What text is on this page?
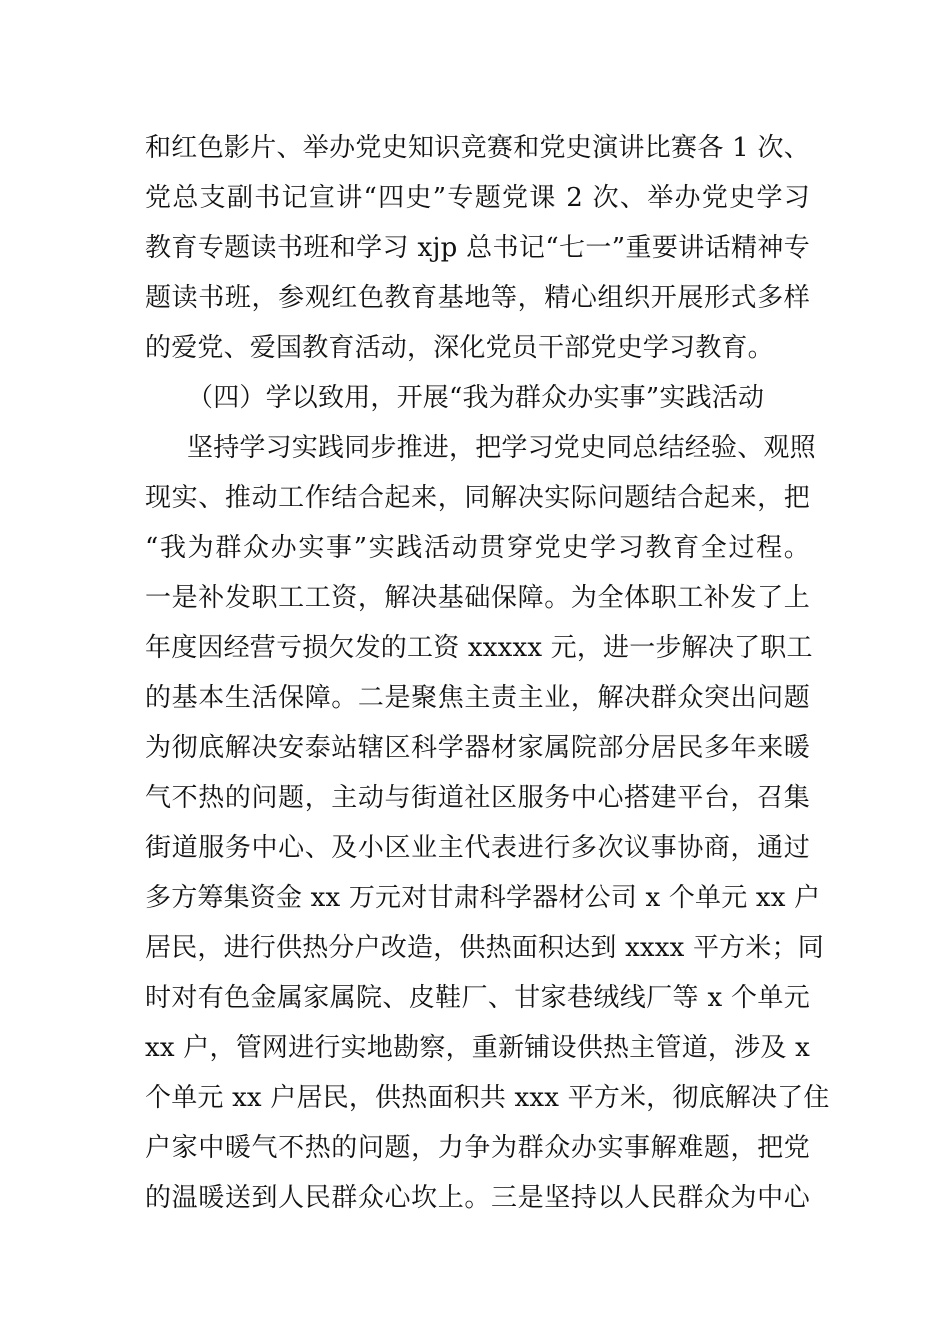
和红色影片、举办党史知识竞赛和党史演讲比赛各 1 次、
党总支副书记宣讲“四史”专题党课 2 次、举办党史学习
教育专题读书班和学习 xjp 总书记“七一”重要讲话精神专
题读书班，参观红色教育基地等，精心组织开展形式多样
的爱党、爱国教育活动，深化党员干部党史学习教育。
（四）学以致用，开展“我为群众办实事”实践活动
坚持学习实践同步推进，把学习党史同总结经验、观照
现实、推动工作结合起来，同解决实际问题结合起来，把
“我为群众办实事”实践活动贯穿党史学习教育全过程。
一是补发职工工资，解决基础保障。为全体职工补发了上
年度因经营亏损欠发的工资 xxxxx 元，进一步解决了职工
的基本生活保障。二是聚焦主责主业，解决群众突出问题
为彻底解决安泰站辖区科学器材家属院部分居民多年来暖
气不热的问题，主动与街道社区服务中心搭建平台，召集
街道服务中心、及小区业主代表进行多次议事协商，通过
多方筹集资金 xx 万元对甘肃科学器材公司 x 个单元 xx 户
居民，进行供热分户改造，供热面积达到 xxxx 平方米；同
时对有色金属家属院、皮鞋厂、甘家巷绒线厂等 x 个单元
xx 户，管网进行实地勘察，重新铺设供热主管道，涉及 x
个单元 xx 户居民，供热面积共 xxx 平方米，彻底解决了住
户家中暖气不热的问题，力争为群众办实事解难题，把党
的温暖送到人民群众心坎上。三是坚持以人民群众为中心
